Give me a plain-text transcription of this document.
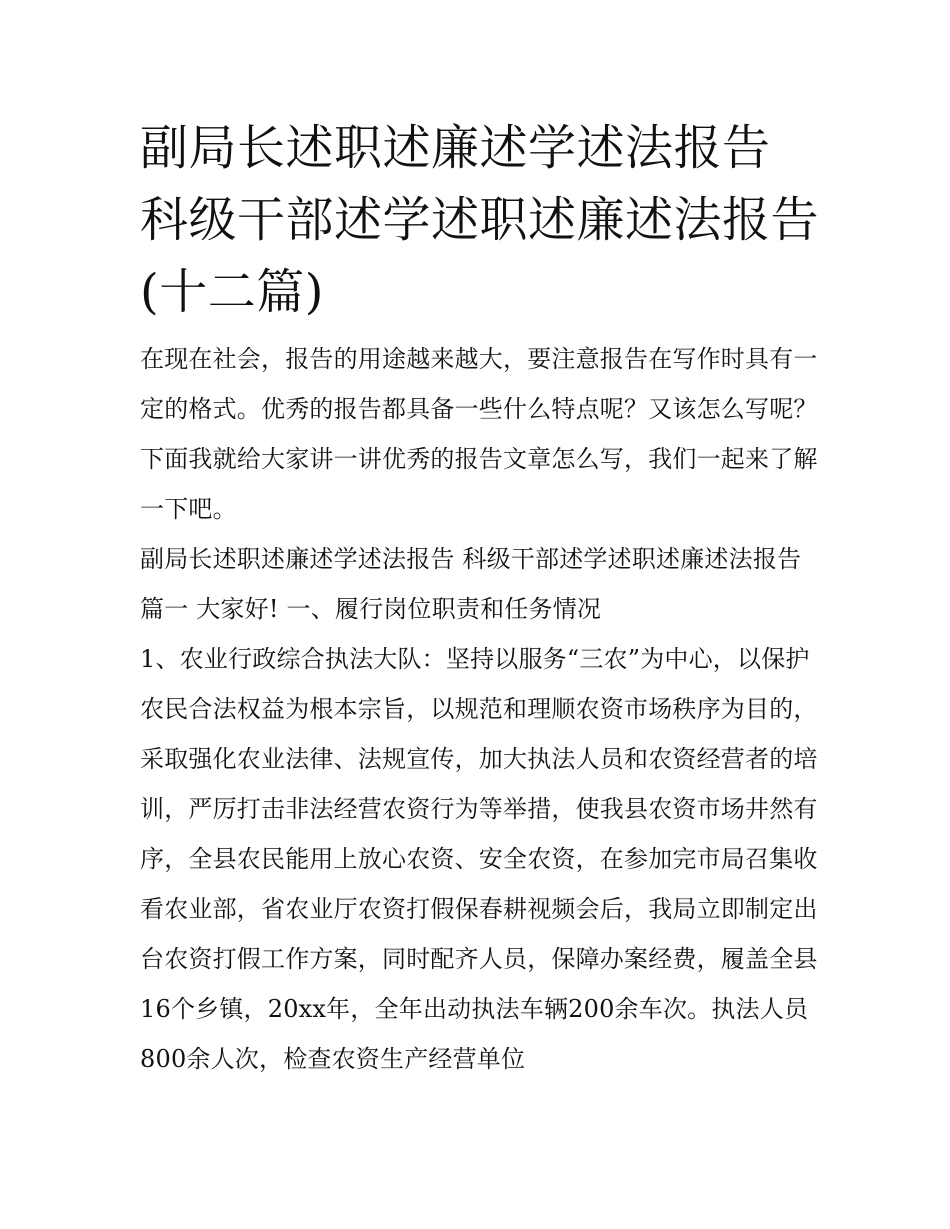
副局长述职述廉述学述法报告 科级干部述学述职述廉述法报告(十二篇)

在现在社会，报告的用途越来越大，要注意报告在写作时具有一定的格式。优秀的报告都具备一些什么特点呢？又该怎么写呢？下面我就给大家讲一讲优秀的报告文章怎么写，我们一起来了解一下吧。

副局长述职述廉述学述法报告 科级干部述学述职述廉述法报告篇一 大家好! 一、履行岗位职责和任务情况

1、农业行政综合执法大队：坚持以服务“三农”为中心，以保护农民合法权益为根本宗旨，以规范和理顺农资市场秩序为目的，采取强化农业法律、法规宣传，加大执法人员和农资经营者的培训，严厉打击非法经营农资行为等举措，使我县农资市场井然有序，全县农民能用上放心农资、安全农资，在参加完市局召集收看农业部，省农业厅农资打假保春耕视频会后，我局立即制定出台农资打假工作方案，同时配齐人员，保障办案经费，履盖全县16个乡镇，20xx年，全年出动执法车辆200余车次。执法人员800余人次，检查农资生产经营单位
